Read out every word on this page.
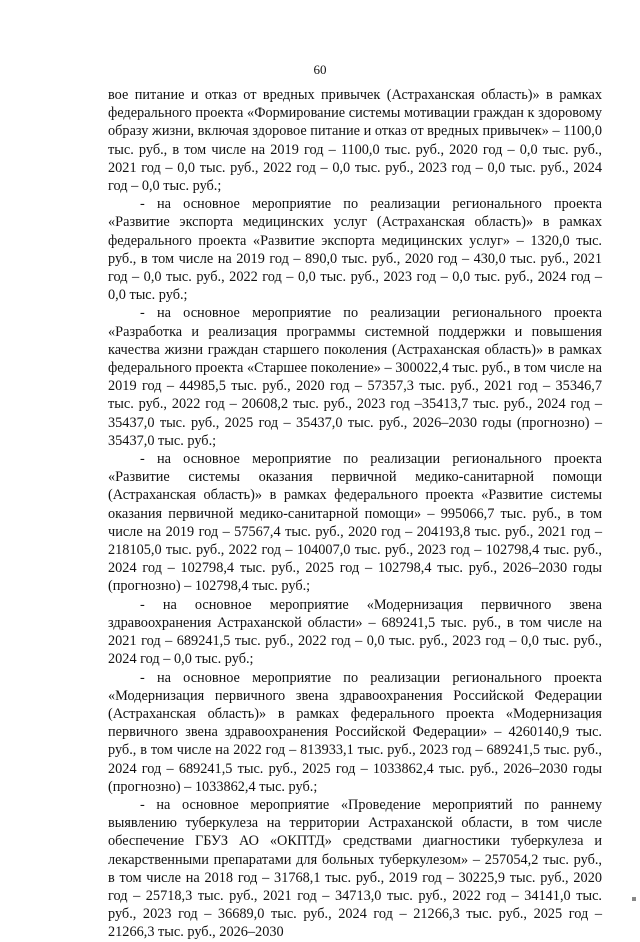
60

вое питание и отказ от вредных привычек (Астраханская область)» в рамках федерального проекта «Формирование системы мотивации граждан к здоровому образу жизни, включая здоровое питание и отказ от вредных привычек» – 1100,0 тыс. руб., в том числе на 2019 год – 1100,0 тыс. руб., 2020 год – 0,0 тыс. руб., 2021 год – 0,0 тыс. руб., 2022 год – 0,0 тыс. руб., 2023 год – 0,0 тыс. руб., 2024 год – 0,0 тыс. руб.;

- на основное мероприятие по реализации регионального проекта «Развитие экспорта медицинских услуг (Астраханская область)» в рамках федерального проекта «Развитие экспорта медицинских услуг» – 1320,0 тыс. руб., в том числе на 2019 год – 890,0 тыс. руб., 2020 год – 430,0 тыс. руб., 2021 год – 0,0 тыс. руб., 2022 год – 0,0 тыс. руб., 2023 год – 0,0 тыс. руб., 2024 год – 0,0 тыс. руб.;

- на основное мероприятие по реализации регионального проекта «Разработка и реализация программы системной поддержки и повышения качества жизни граждан старшего поколения (Астраханская область)» в рамках федерального проекта «Старшее поколение» – 300022,4 тыс. руб., в том числе на 2019 год – 44985,5 тыс. руб., 2020 год – 57357,3 тыс. руб., 2021 год – 35346,7 тыс. руб., 2022 год – 20608,2 тыс. руб., 2023 год –35413,7 тыс. руб., 2024 год – 35437,0 тыс. руб., 2025 год – 35437,0 тыс. руб., 2026–2030 годы (прогнозно) – 35437,0 тыс. руб.;

- на основное мероприятие по реализации регионального проекта «Развитие системы оказания первичной медико-санитарной помощи (Астраханская область)» в рамках федерального проекта «Развитие системы оказания первичной медико-санитарной помощи» – 995066,7 тыс. руб., в том числе на 2019 год – 57567,4 тыс. руб., 2020 год – 204193,8 тыс. руб., 2021 год – 218105,0 тыс. руб., 2022 год – 104007,0 тыс. руб., 2023 год – 102798,4 тыс. руб., 2024 год – 102798,4 тыс. руб., 2025 год – 102798,4 тыс. руб., 2026–2030 годы (прогнозно) – 102798,4 тыс. руб.;

- на основное мероприятие «Модернизация первичного звена здравоохранения Астраханской области» – 689241,5 тыс. руб., в том числе на 2021 год – 689241,5 тыс. руб., 2022 год – 0,0 тыс. руб., 2023 год – 0,0 тыс. руб., 2024 год – 0,0 тыс. руб.;

- на основное мероприятие по реализации регионального проекта «Модернизация первичного звена здравоохранения Российской Федерации (Астраханская область)» в рамках федерального проекта «Модернизация первичного звена здравоохранения Российской Федерации» – 4260140,9 тыс. руб., в том числе на 2022 год – 813933,1 тыс. руб., 2023 год – 689241,5 тыс. руб., 2024 год – 689241,5 тыс. руб., 2025 год – 1033862,4 тыс. руб., 2026–2030 годы (прогнозно) – 1033862,4 тыс. руб.;

- на основное мероприятие «Проведение мероприятий по раннему выявлению туберкулеза на территории Астраханской области, в том числе обеспечение ГБУЗ АО «ОКПТД» средствами диагностики туберкулеза и лекарственными препаратами для больных туберкулезом» – 257054,2 тыс. руб., в том числе на 2018 год – 31768,1 тыс. руб., 2019 год – 30225,9 тыс. руб., 2020 год – 25718,3 тыс. руб., 2021 год – 34713,0 тыс. руб., 2022 год – 34141,0 тыс. руб., 2023 год – 36689,0 тыс. руб., 2024 год – 21266,3 тыс. руб., 2025 год – 21266,3 тыс. руб., 2026–2030
